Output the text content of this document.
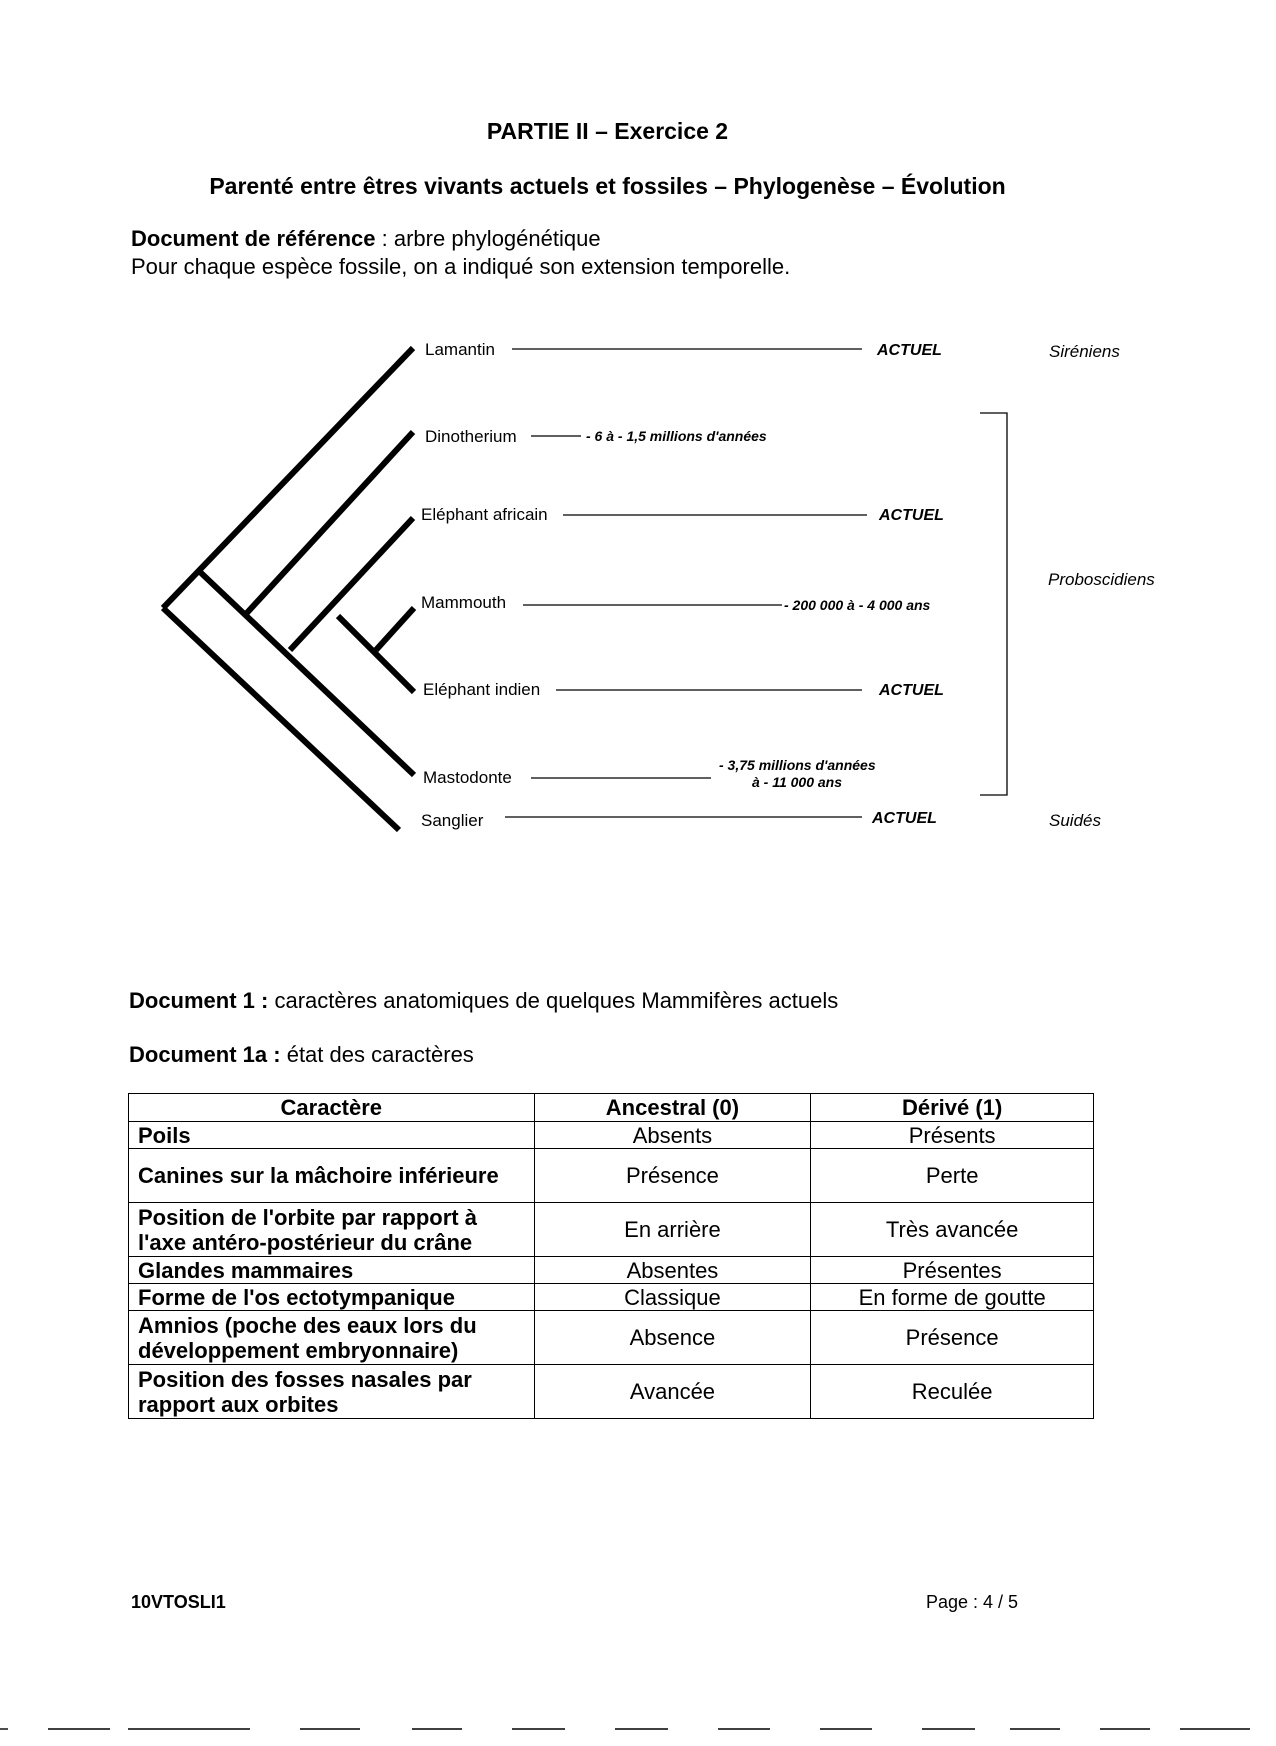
PARTIE II – Exercice 2
Parenté entre êtres vivants actuels et fossiles – Phylogenèse – Évolution
Document de référence : arbre phylogénétique
Pour chaque espèce fossile, on a indiqué son extension temporelle.
Lamantin	ACTUEL
Dinotherium	- 6 à - 1,5 millions d'années
Eléphant africain	ACTUEL
Mammouth	- 200 000 à - 4 000 ans
Eléphant indien	ACTUEL
Mastodonte
- 3,75 millions d'années
à - 11 000 ans
Sanglier	ACTUEL
Siréniens
Proboscidiens
Suidés
Document 1 : caractères anatomiques de quelques Mammifères actuels
Document 1a : état des caractères
Caractère	Ancestral (0)	Dérivé (1)
Poils	Absents	Présents
Canines sur la mâchoire inférieure	Présence	Perte
Position de l'orbite par rapport à l'axe antéro-postérieur du crâne	En arrière	Très avancée
Glandes mammaires	Absentes	Présentes
Forme de l'os ectotympanique	Classique	En forme de goutte
Amnios (poche des eaux lors du développement embryonnaire)	Absence	Présence
Position des fosses nasales par rapport aux orbites	Avancée	Reculée
10VTOSLI1	Page : 4 / 5
